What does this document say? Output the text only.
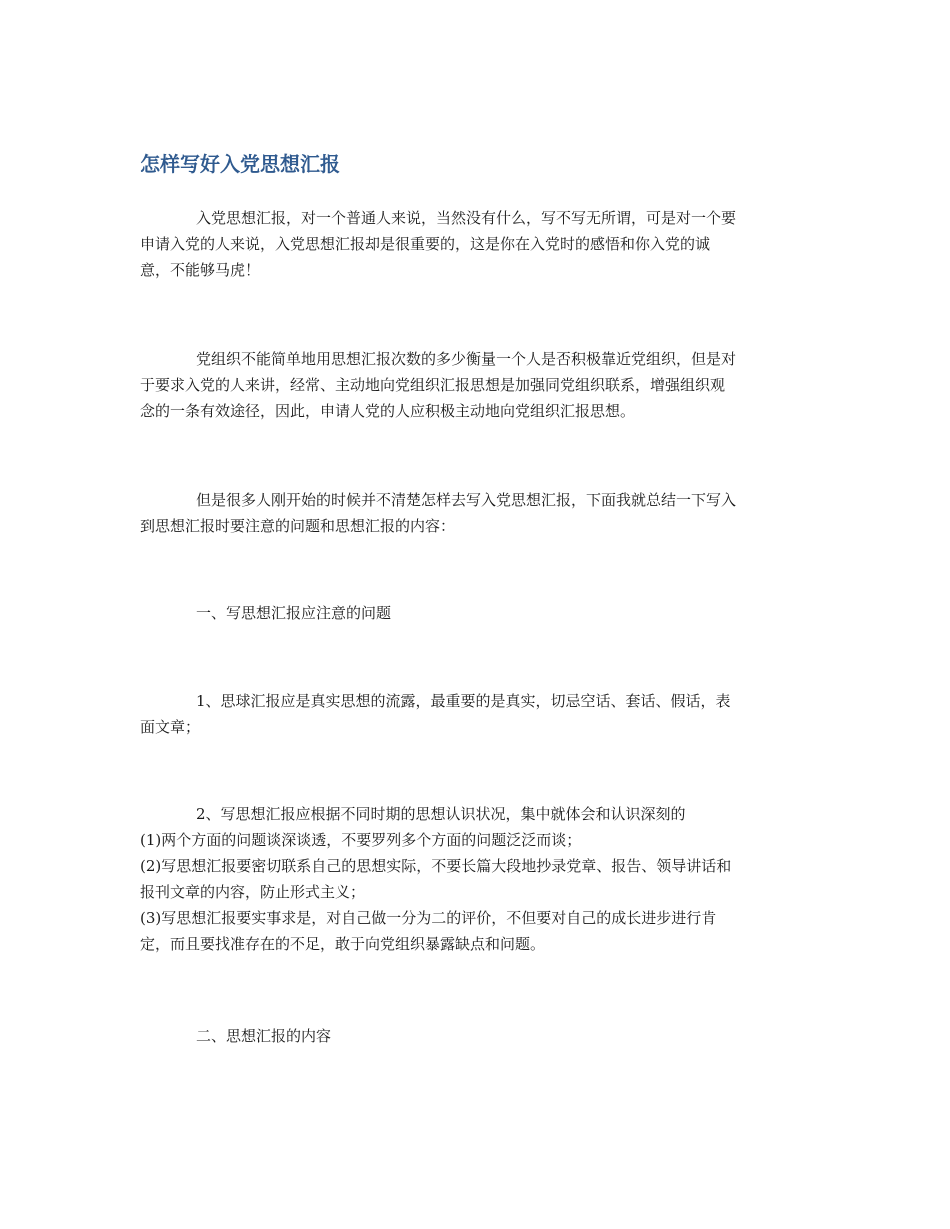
怎样写好入党思想汇报
入党思想汇报，对一个普通人来说，当然没有什么，写不写无所谓，可是对一个要
申请入党的人来说，入党思想汇报却是很重要的，这是你在入党时的感悟和你入党的诚
意，不能够马虎！
党组织不能简单地用思想汇报次数的多少衡量一个人是否积极靠近党组织，但是对
于要求入党的人来讲，经常、主动地向党组织汇报思想是加强同党组织联系，增强组织观
念的一条有效途径，因此，申请人党的人应积极主动地向党组织汇报思想。
但是很多人刚开始的时候并不清楚怎样去写入党思想汇报，下面我就总结一下写入
到思想汇报时要注意的问题和思想汇报的内容：
一、写思想汇报应注意的问题
1、思球汇报应是真实思想的流露，最重要的是真实，切忌空话、套话、假话，表
面文章；
2、写思想汇报应根据不同时期的思想认识状况，集中就体会和认识深刻的
(1)两个方面的问题谈深谈透，不要罗列多个方面的问题泛泛而谈；
(2)写思想汇报要密切联系自己的思想实际，不要长篇大段地抄录党章、报告、领导讲话和
报刊文章的内容，防止形式主义；
(3)写思想汇报要实事求是，对自己做一分为二的评价，不但要对自己的成长进步进行肯
定，而且要找准存在的不足，敢于向党组织暴露缺点和问题。
二、思想汇报的内容
